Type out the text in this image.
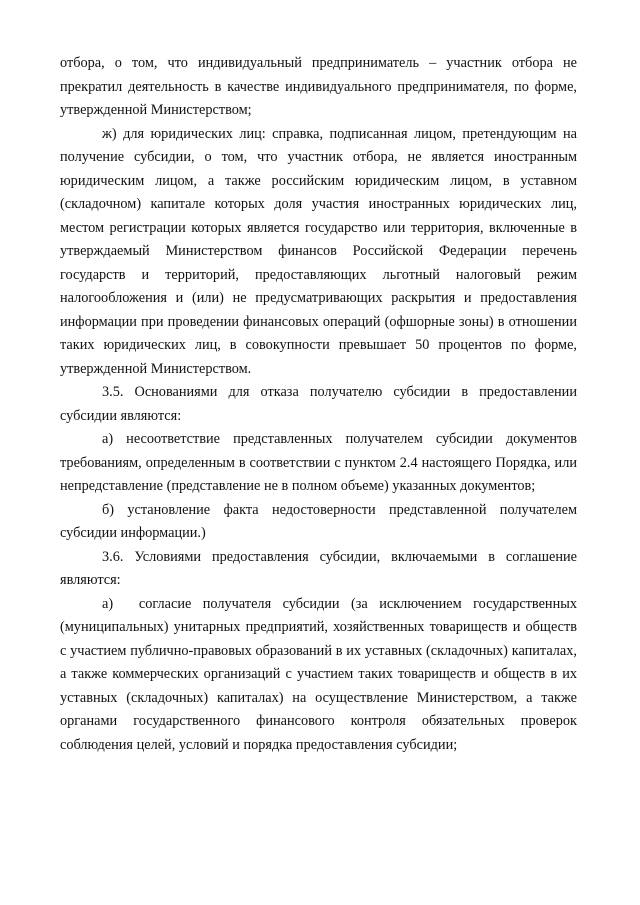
отбора, о том, что индивидуальный предприниматель – участник отбора не прекратил деятельность в качестве индивидуального предпринимателя, по форме, утвержденной Министерством;

ж) для юридических лиц: справка, подписанная лицом, претендующим на получение субсидии, о том, что участник отбора, не является иностранным юридическим лицом, а также российским юридическим лицом, в уставном (складочном) капитале которых доля участия иностранных юридических лиц, местом регистрации которых является государство или территория, включенные в утверждаемый Министерством финансов Российской Федерации перечень государств и территорий, предоставляющих льготный налоговый режим налогообложения и (или) не предусматривающих раскрытия и предоставления информации при проведении финансовых операций (офшорные зоны) в отношении таких юридических лиц, в совокупности превышает 50 процентов по форме, утвержденной Министерством.

3.5. Основаниями для отказа получателю субсидии в предоставлении субсидии являются:

а) несоответствие представленных получателем субсидии документов требованиям, определенным в соответствии с пунктом 2.4 настоящего Порядка, или непредставление (представление не в полном объеме) указанных документов;

б) установление факта недостоверности представленной получателем субсидии информации.)

3.6. Условиями предоставления субсидии, включаемыми в соглашение являются:

а)  согласие получателя субсидии (за исключением государственных (муниципальных) унитарных предприятий, хозяйственных товариществ и обществ с участием публично-правовых образований в их уставных (складочных) капиталах, а также коммерческих организаций с участием таких товариществ и обществ в их уставных (складочных) капиталах) на осуществление Министерством, а также органами государственного финансового контроля обязательных проверок соблюдения целей, условий и порядка предоставления субсидии;
